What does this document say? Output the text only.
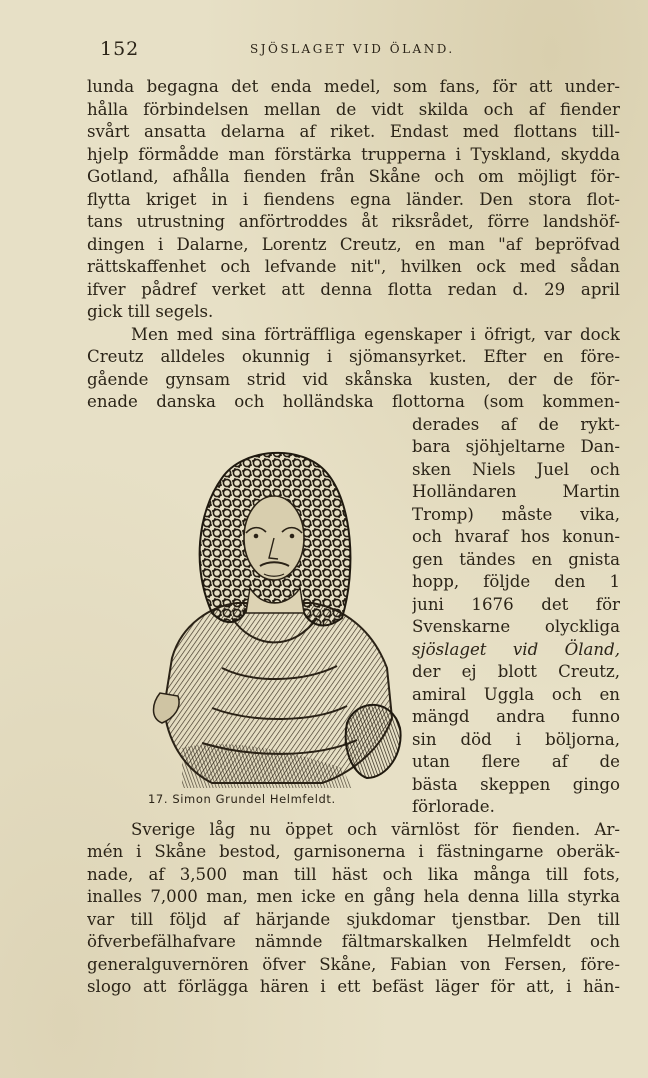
152	SJÖSLAGET VID ÖLAND.
lunda begagna det enda medel, som fans, för att under-
hålla förbindelsen mellan de vidt skilda och af fiender
svårt ansatta delarna af riket. Endast med flottans till-
hjelp förmådde man förstärka trupperna i Tyskland, skydda
Gotland, afhålla fienden från Skåne och om möjligt för-
flytta kriget in i fiendens egna länder. Den stora flot-
tans utrustning anförtroddes åt riksrådet, förre landshöf-
dingen i Dalarne, Lorentz Creutz, en man "af bepröfvad
rättskaffenhet och lefvande nit", hvilken ock med sådan
ifver pådref verket att denna flotta redan d. 29 april
gick till segels.
Men med sina förträffliga egenskaper i öfrigt, var dock
Creutz alldeles okunnig i sjömansyrket. Efter en före-
gående gynsam strid vid skånska kusten, der de för-
enade danska och holländska flottorna (som kommen-
derades af de rykt-
bara sjöhjeltarne Dan-
sken Niels Juel och
Holländaren Martin
Tromp) måste vika,
och hvaraf hos konun-
gen tändes en gnista
hopp, följde den 1
juni 1676 det för
Svenskarne olyckliga
sjöslaget vid Öland,
der ej blott Creutz,
amiral Uggla och en
mängd andra funno
sin död i böljorna,
utan flere af de
bästa skeppen gingo
förlorade.
17. Simon Grundel Helmfeldt.
Sverige låg nu öppet och värnlöst för fienden. Ar-
mén i Skåne bestod, garnisonerna i fästningarne oberäk-
nade, af 3,500 man till häst och lika många till fots,
inalles 7,000 man, men icke en gång hela denna lilla styrka
var till följd af härjande sjukdomar tjenstbar. Den till
öfverbefälhafvare nämnde fältmarskalken Helmfeldt och
generalguvernören öfver Skåne, Fabian von Fersen, före-
slogo att förlägga hären i ett befäst läger för att, i hän-
